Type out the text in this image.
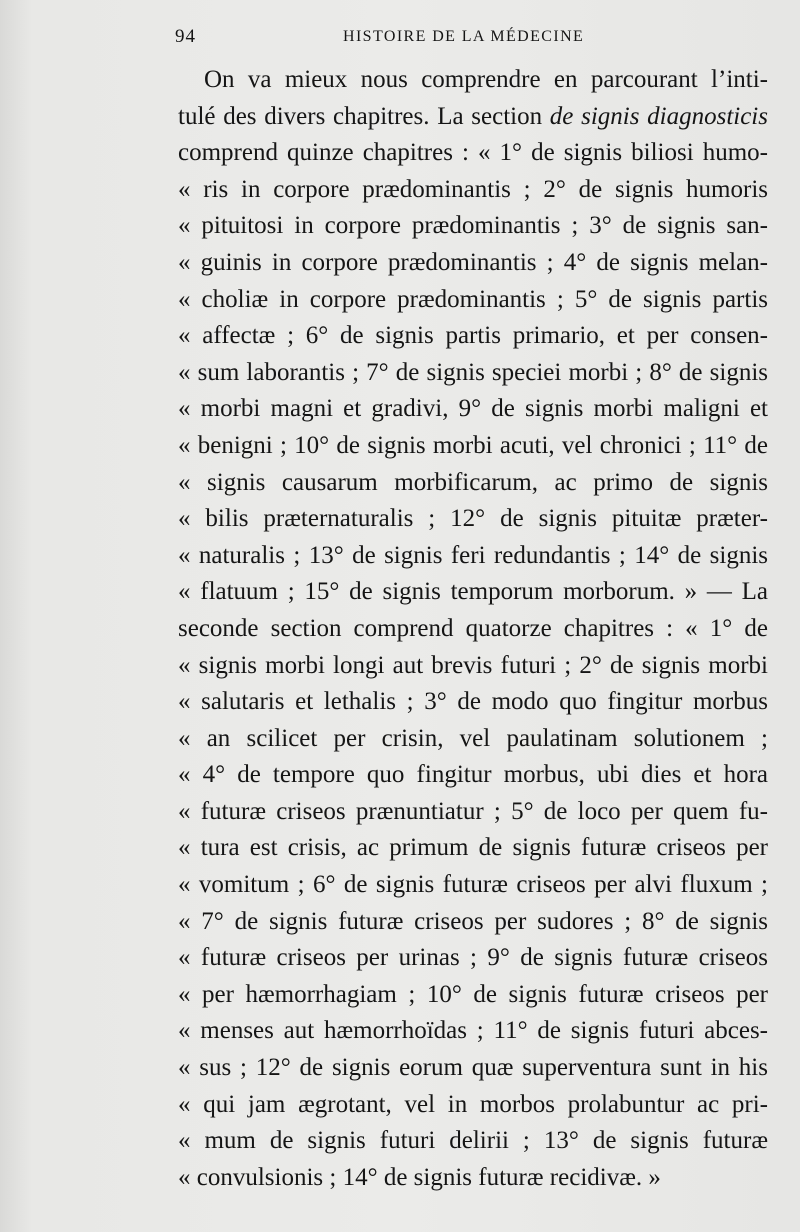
94	HISTOIRE DE LA MÉDECINE
On va mieux nous comprendre en parcourant l’inti-
tulé des divers chapitres. La section de signis diagnosticis
comprend quinze chapitres : « 1° de signis biliosi humo-
« ris in corpore prædominantis ; 2° de signis humoris
« pituitosi in corpore prædominantis ; 3° de signis san-
« guinis in corpore prædominantis ; 4° de signis melan-
« choliæ in corpore prædominantis ; 5° de signis partis
« affectæ ; 6° de signis partis primario, et per consen-
« sum laborantis ; 7° de signis speciei morbi ; 8° de signis
« morbi magni et gradivi, 9° de signis morbi maligni et
« benigni ; 10° de signis morbi acuti, vel chronici ; 11° de
« signis causarum morbificarum, ac primo de signis
« bilis præternaturalis ; 12° de signis pituitæ præter-
« naturalis ; 13° de signis feri redundantis ; 14° de signis
« flatuum ; 15° de signis temporum morborum. » — La
seconde section comprend quatorze chapitres : « 1° de
« signis morbi longi aut brevis futuri ; 2° de signis morbi
« salutaris et lethalis ; 3° de modo quo fingitur morbus
« an scilicet per crisin, vel paulatinam solutionem ;
« 4° de tempore quo fingitur morbus, ubi dies et hora
« futuræ criseos prænuntiatur ; 5° de loco per quem fu-
« tura est crisis, ac primum de signis futuræ criseos per
« vomitum ; 6° de signis futuræ criseos per alvi fluxum ;
« 7° de signis futuræ criseos per sudores ; 8° de signis
« futuræ criseos per urinas ; 9° de signis futuræ criseos
« per hæmorrhagiam ; 10° de signis futuræ criseos per
« menses aut hæmorrhoïdas ; 11° de signis futuri abces-
« sus ; 12° de signis eorum quæ superventura sunt in his
« qui jam ægrotant, vel in morbos prolabuntur ac pri-
« mum de signis futuri delirii ; 13° de signis futuræ
« convulsionis ; 14° de signis futuræ recidivæ. »
